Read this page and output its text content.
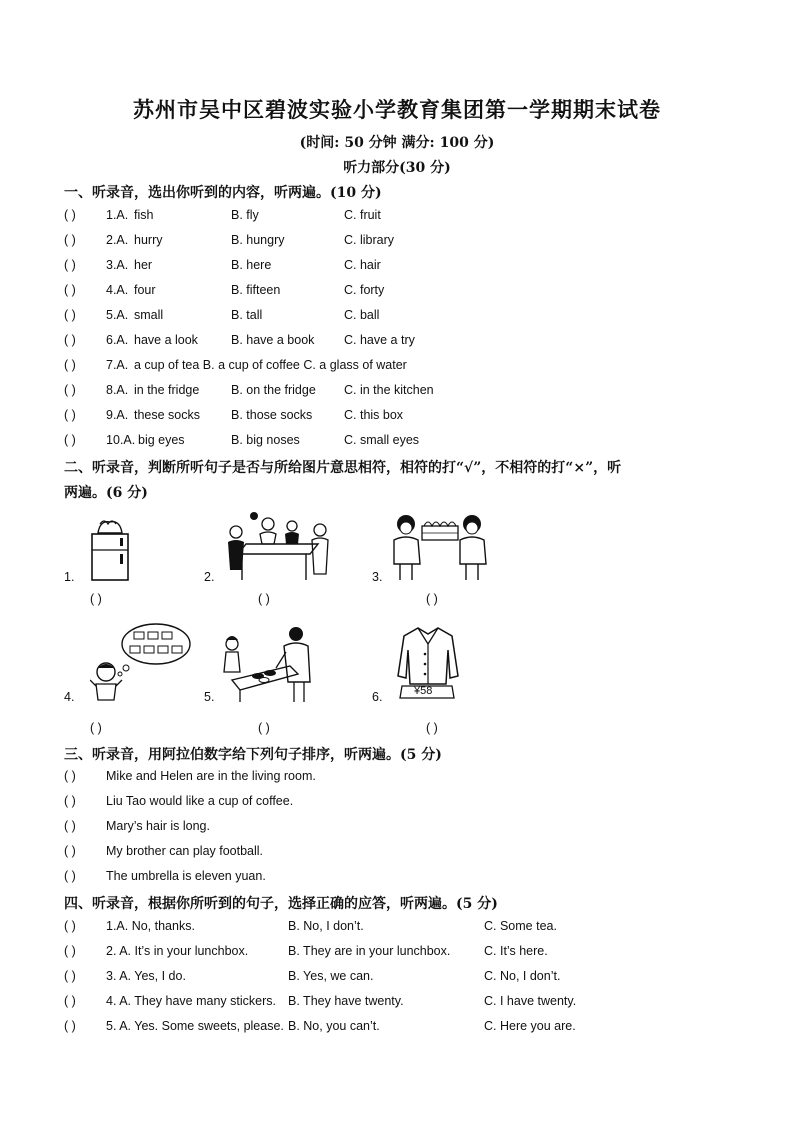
苏州市吴中区碧波实验小学教育集团第一学期期末试卷
(时间: 50 分钟 满分: 100 分)
听力部分(30 分)
一、听录音，选出你听到的内容，听两遍。(10 分)
( ) 1.A. fish	B. fly	C. fruit
( ) 2.A. hurry	B. hungry	C. library
( ) 3.A. her	B. here	C. hair
( ) 4.A. four	B. fifteen	C. forty
( ) 5.A. small	B. tall	C. ball
( ) 6.A. have a look	B. have a book C. have a try
( ) 7.A. a cup of tea B. a cup of coffee C. a glass of water
( ) 8.A. in the fridge	B. on the fridge C. in the kitchen
( ) 9.A. these socks B. those socks	C. this box
( ) 10.A. big eyes	B. big noses	C. small eyes
二、听录音，判断所听句子是否与所给图片意思相符，相符的打“√”，不相符的打“×”，听
两遍。(6 分)
1.
( )
2.
( )
3.
( )
4.
( )
5.
( )
6.	¥58
( )
三、听录音，用阿拉伯数字给下列句子排序，听两遍。(5 分)
( ) Mike and Helen are in the living room.
( ) Liu Tao would like a cup of coffee.
( ) Mary’s hair is long.
( ) My brother can play football.
( ) The umbrella is eleven yuan.
四、听录音，根据你所听到的句子，选择正确的应答，听两遍。(5 分)
( ) 1.A. No, thanks.	B. No, I don’t.	C. Some tea.
( ) 2. A. It’s in your lunchbox.	B. They are in your lunchbox.	C. It’s here.
( ) 3. A. Yes, I do.	B. Yes, we can.	C. No, I don’t.
( ) 4. A. They have many stickers. B. They have twenty.	C. I have twenty.
( ) 5. A. Yes. Some sweets, please. B. No, you can’t.	C. Here you are.
